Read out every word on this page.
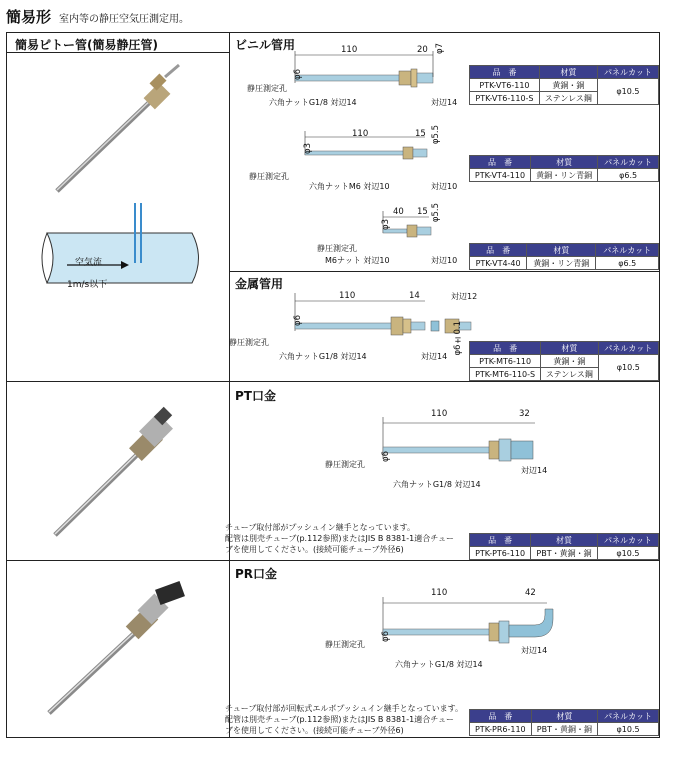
簡易形 室内等の静圧空気圧測定用。
簡易ピトー管(簡易静圧管)
空気流
1m/s以下
ビニル管用	110	20 φ7
φ6
静圧測定孔
六角ナットG1/8 対辺14	対辺14
品　番	材質	パネルカット
PTK-VT6-110	黄銅・銅	φ10.5
PTK-VT6-110-S	ステンレス鋼	
110	15 φ5.5
φ3
静圧測定孔
六角ナットM6 対辺10	対辺10
品　番	材質	パネルカット
PTK-VT4-110	黄銅・リン青銅	φ6.5
40 15 φ5.5
φ3
静圧測定孔
M6ナット 対辺10	対辺10
品　番	材質	パネルカット
PTK-VT4-40	黄銅・リン青銅	φ6.5
金属管用
110	14	対辺12
φ6±0.1
φ6
静圧測定孔
六角ナットG1/8 対辺14	対辺14
品　番	材質	パネルカット
PTK-MT6-110	黄銅・銅	φ10.5
PTK-MT6-110-S	ステンレス鋼	
PT口金
110	32
φ6
静圧測定孔
六角ナットG1/8 対辺14
対辺14
チューブ取付部がプッシュイン継手となっています。
配管は別売チューブ(p.112参照)またはJIS B 8381-1適合チュー
ブを使用してください。(接続可能チューブ外径6)
品　番	材質	パネルカット
PTK-PT6-110	PBT・黄銅・銅	φ10.5
PR口金
110	42
φ6
静圧測定孔
六角ナットG1/8 対辺14
対辺14
チューブ取付部が回転式エルボプッシュイン継手となっています。
配管は別売チューブ(p.112参照)またはJIS B 8381-1適合チュー
ブを使用してください。(接続可能チューブ外径6)
品　番	材質	パネルカット
PTK-PR6-110	PBT・黄銅・銅	φ10.5
